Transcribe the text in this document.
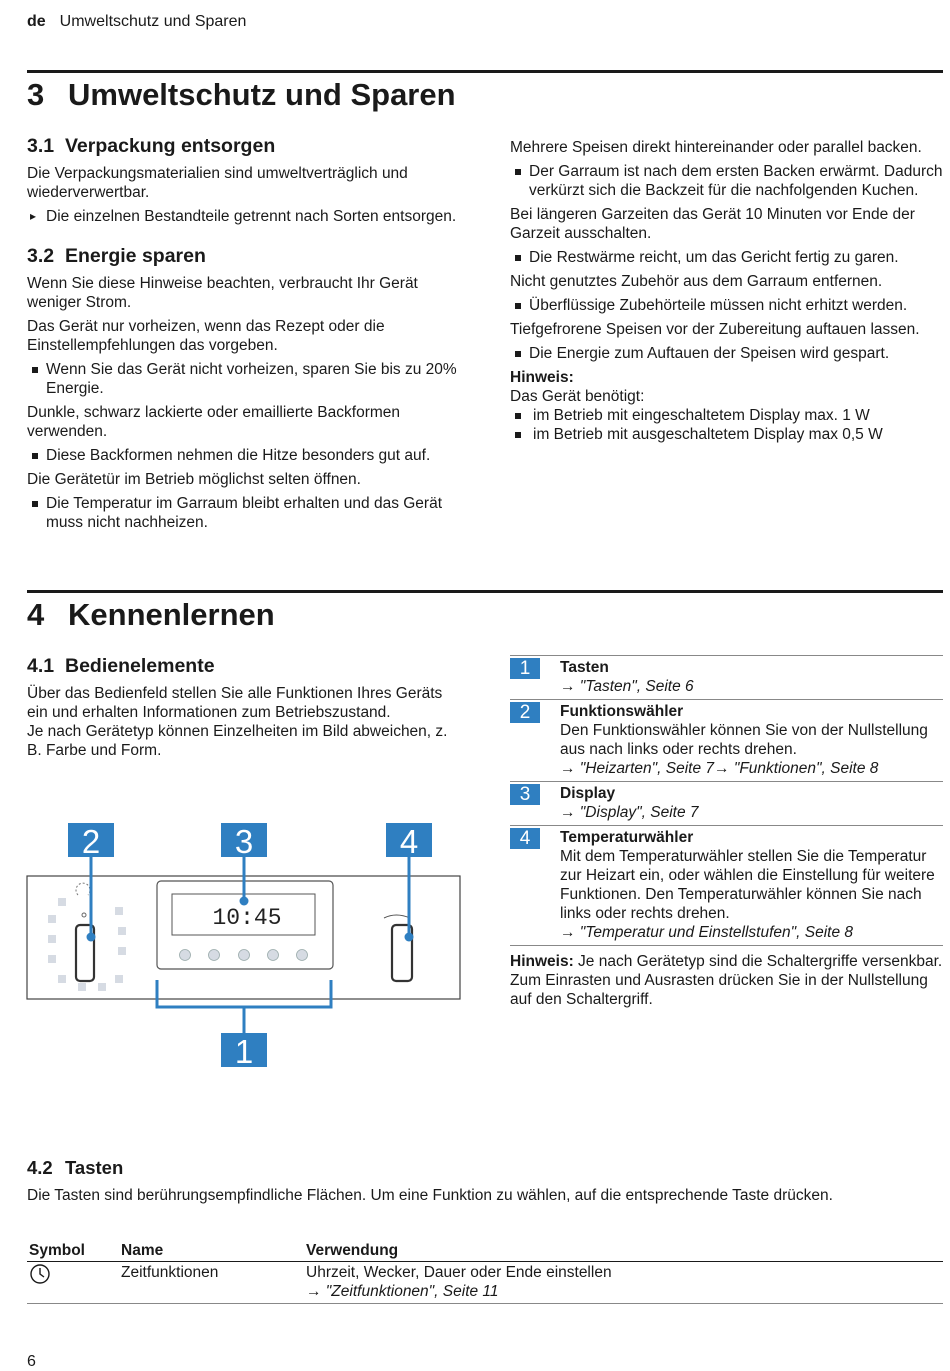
de Umweltschutz und Sparen
3 Umweltschutz und Sparen
3.1 Verpackung entsorgen

Die Verpackungsmaterialien sind umweltverträglich und wiederverwertbar.

▸ Die einzelnen Bestandteile getrennt nach Sorten entsorgen.
3.2 Energie sparen

Wenn Sie diese Hinweise beachten, verbraucht Ihr Gerät weniger Strom.

Das Gerät nur vorheizen, wenn das Rezept oder die Einstellempfehlungen das vorgeben.

Wenn Sie das Gerät nicht vorheizen, sparen Sie bis zu 20% Energie.

Dunkle, schwarz lackierte oder emaillierte Backformen verwenden.

Diese Backformen nehmen die Hitze besonders gut auf.

Die Gerätetür im Betrieb möglichst selten öffnen.

Die Temperatur im Garraum bleibt erhalten und das Gerät muss nicht nachheizen.

Mehrere Speisen direkt hintereinander oder parallel backen.

Der Garraum ist nach dem ersten Backen erwärmt. Dadurch verkürzt sich die Backzeit für die nachfolgenden Kuchen.

Bei längeren Garzeiten das Gerät 10 Minuten vor Ende der Garzeit ausschalten.

Die Restwärme reicht, um das Gericht fertig zu garen.

Nicht genutztes Zubehör aus dem Garraum entfernen.

Überflüssige Zubehörteile müssen nicht erhitzt werden.

Tiefgefrorene Speisen vor der Zubereitung auftauen lassen.

Die Energie zum Auftauen der Speisen wird gespart.
Hinweis:
Das Gerät benötigt:
im Betrieb mit eingeschaltetem Display max. 1 W
im Betrieb mit ausgeschaltetem Display max 0,5 W
4 Kennenlernen
4.1 Bedienelemente
Über das Bedienfeld stellen Sie alle Funktionen Ihres Geräts ein und erhalten Informationen zum Betriebszustand.
Je nach Gerätetyp können Einzelheiten im Bild abweichen, z. B. Farbe und Form.
10:45
2	3	4
1
1	Tasten
→ "Tasten", Seite 6
2	Funktionswähler
Den Funktionswähler können Sie von der Nullstellung aus nach links oder rechts drehen.
→ "Heizarten", Seite 7→ "Funktionen", Seite 8
3	Display
→ "Display", Seite 7
4	Temperaturwähler
Mit dem Temperaturwähler stellen Sie die Temperatur zur Heizart ein, oder wählen die Einstellung für weitere Funktionen. Den Temperaturwähler können Sie nach links oder rechts drehen.
→ "Temperatur und Einstellstufen", Seite 8
Hinweis: Je nach Gerätetyp sind die Schaltergriffe versenkbar. Zum Einrasten und Ausrasten drücken Sie in der Nullstellung auf den Schaltergriff.
4.2 Tasten
Die Tasten sind berührungsempfindliche Flächen. Um eine Funktion zu wählen, auf die entsprechende Taste drücken.
Symbol	Name	Verwendung
	Zeitfunktionen	Uhrzeit, Wecker, Dauer oder Ende einstellen
→ "Zeitfunktionen", Seite 11
6
